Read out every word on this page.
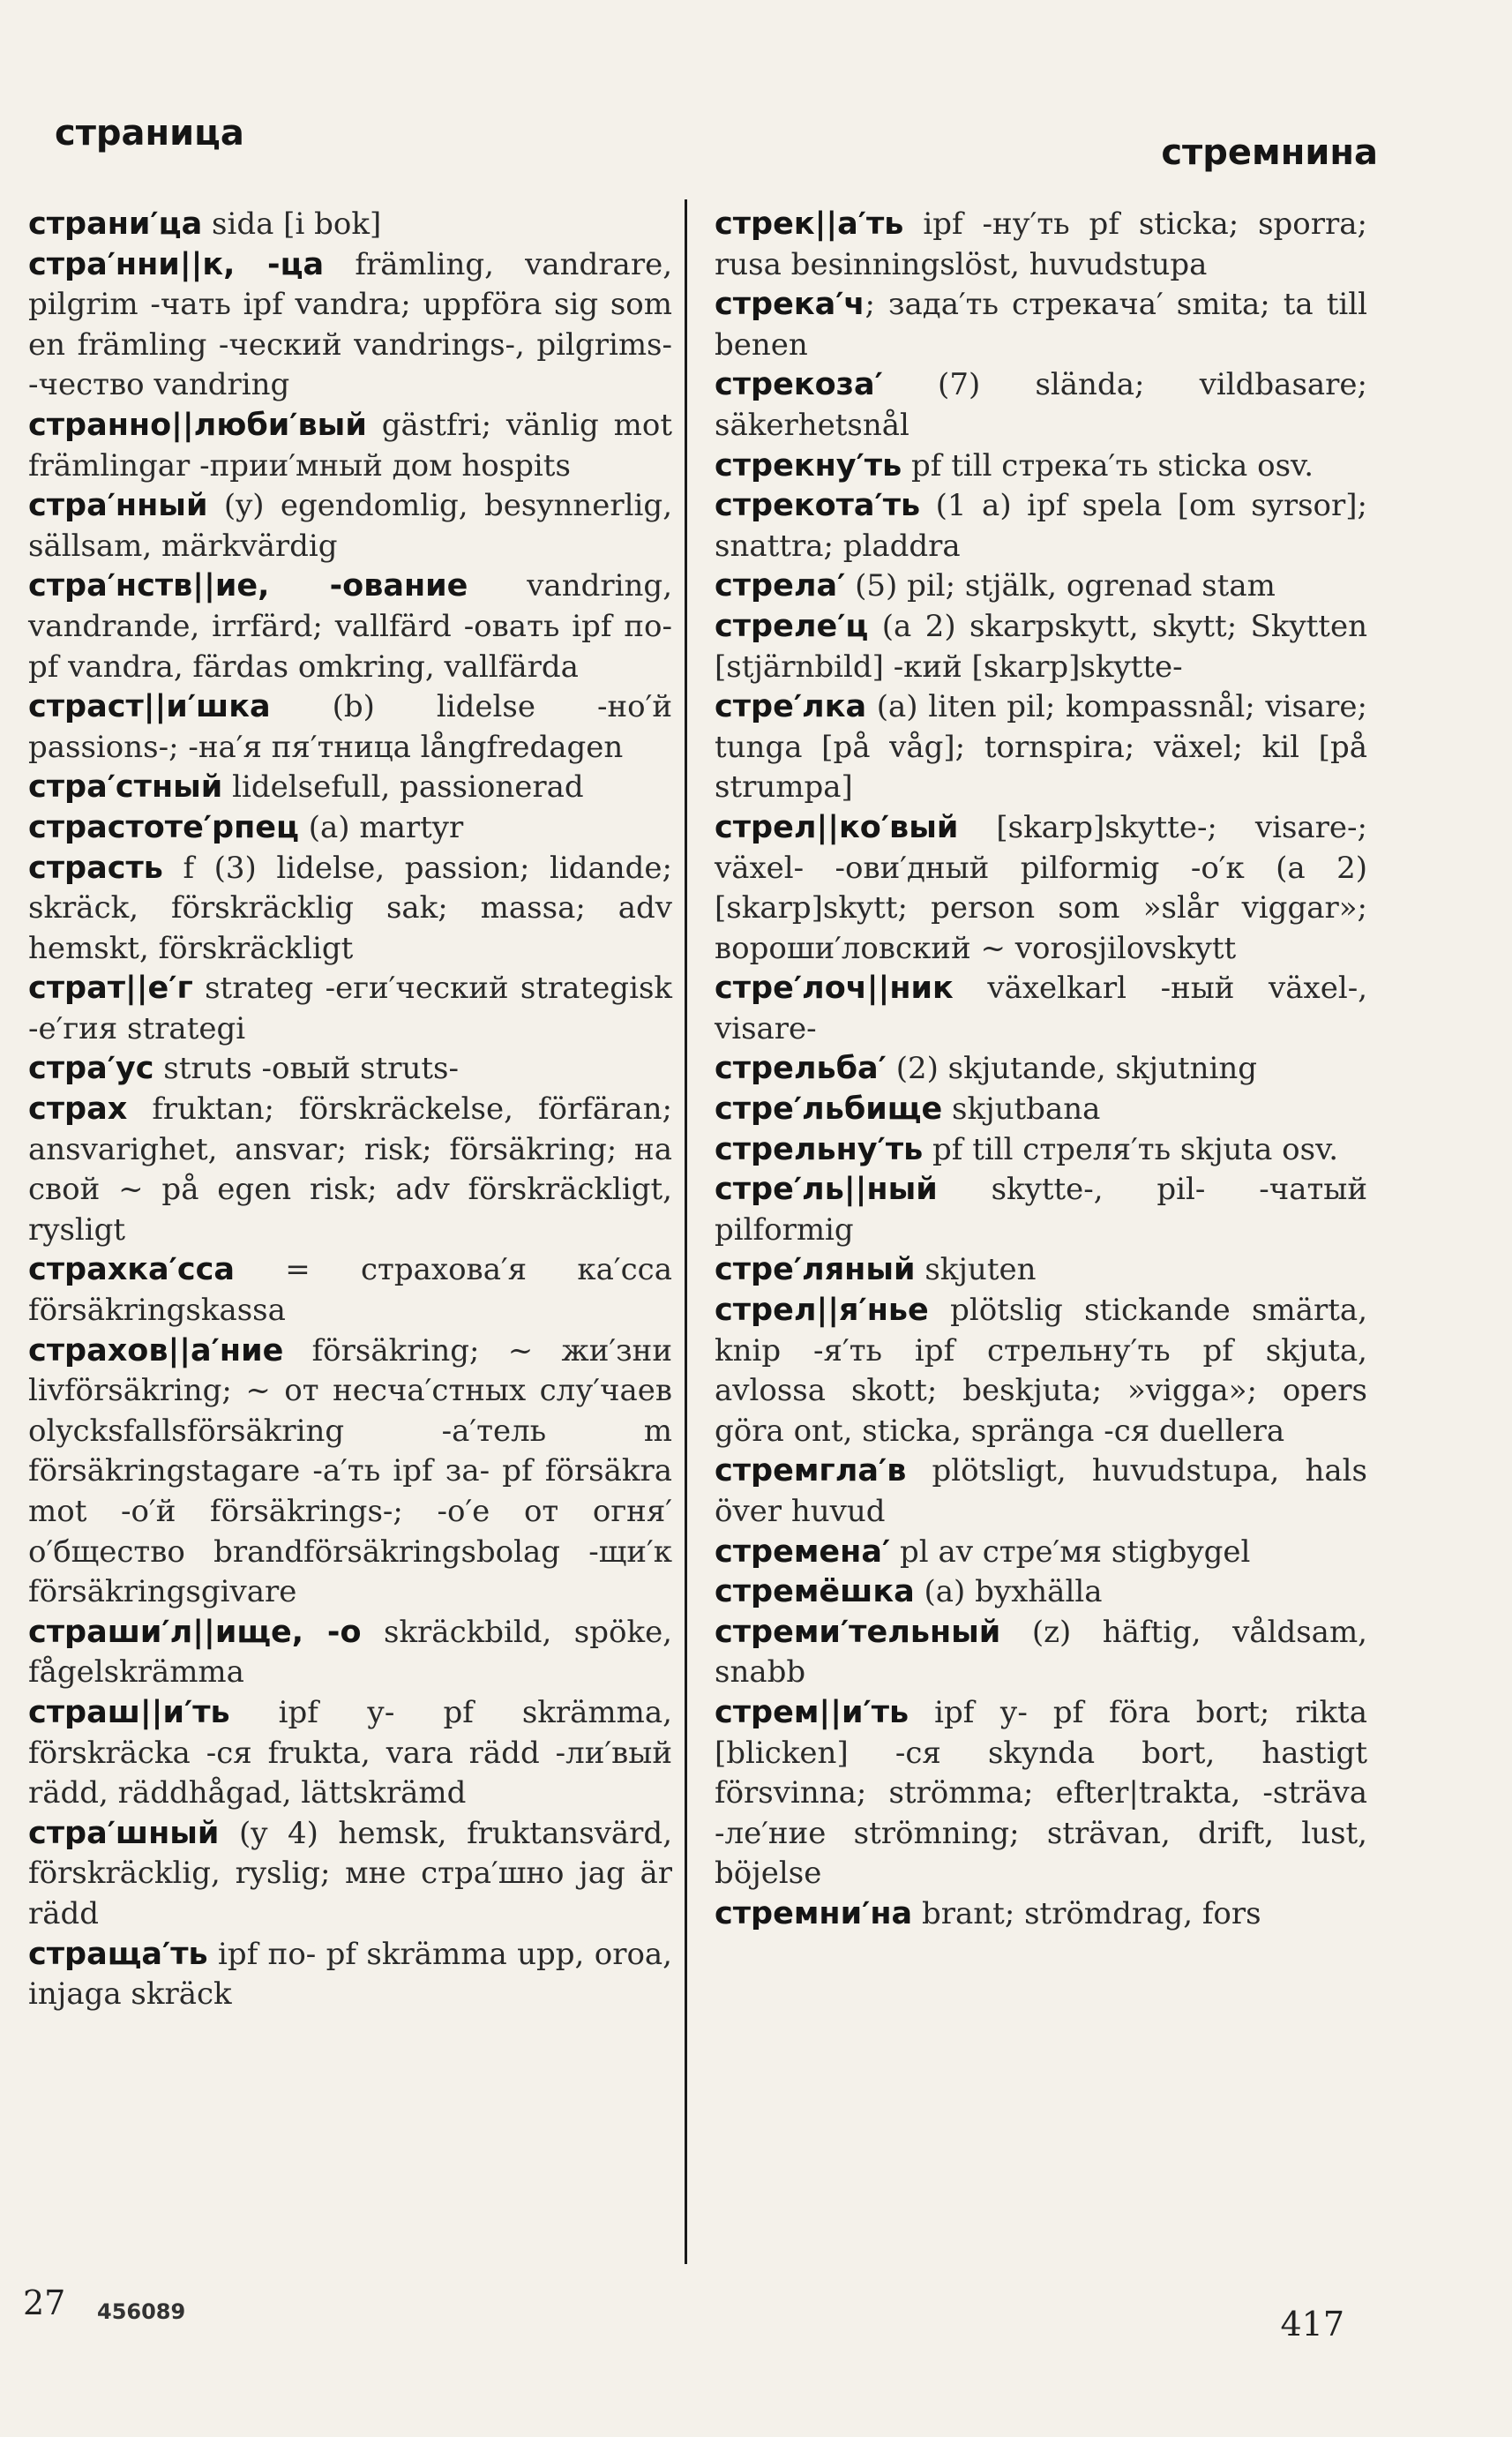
страница	стремнина
страни′ца sida [i bok]
стра′нни||к, -ца främling, vandrare, pilgrim -чать ipf vandra; uppföra sig som en främling -ческий vandrings-, pilgrims- -чество vandring
странно||люби′вый gästfri; vänlig mot främlingar -прии′мный дом hospits
стра′нный (y) egendomlig, besynnerlig, sällsam, märkvärdig
стра′нств||ие, -ование vandring, vandrande, irrfärd; vallfärd -овать ipf по- pf vandra, färdas omkring, vallfärda
страст||и′шка (b) lidelse -но′й passions-; -на′я пя′тница långfredagen
стра′стный lidelsefull, passionerad
страстоте′рпец (a) martyr
страсть f (3) lidelse, passion; lidande; skräck, förskräcklig sak; massa; adv hemskt, förskräckligt
страт||е′г strateg -еги′ческий strategisk -е′гия strategi
стра′ус struts -овый struts-
страх fruktan; förskräckelse, förfäran; ansvarighet, ansvar; risk; försäkring; на свой ~ på egen risk; adv förskräckligt, rysligt
страхка′сса = страхова′я ка′сса försäkringskassa
страхов||а′ние försäkring; ~ жи′зни livförsäkring; ~ от несча′стных слу′чаев olycksfallsförsäkring -а′тель m försäkringstagare -а′ть ipf за- pf försäkra mot -о′й försäkrings-; -о′е от огня′ о′бщество brandförsäkringsbolag -щи′к försäkringsgivare
страши′л||ище, -о skräckbild, spöke, fågelskrämma
страш||и′ть ipf у- pf skrämma, förskräcka -ся frukta, vara rädd -ли′вый rädd, räddhågad, lättskrämd
стра′шный (y 4) hemsk, fruktansvärd, förskräcklig, ryslig; мне стра′шно jag är rädd
страща′ть ipf по- pf skrämma upp, oroa, injaga skräck
стрек||а′ть ipf -ну′ть pf sticka; sporra; rusa besinningslöst, huvudstupa
стрека′ч; зада′ть стрекача′ smita; ta till benen
стрекоза′ (7) slända; vildbasare; säkerhetsnål
стрекну′ть pf till стрека′ть sticka osv.
стрекота′ть (1 a) ipf spela [om syrsor]; snattra; pladdra
стрела′ (5) pil; stjälk, ogrenad stam
стреле′ц (a 2) skarpskytt, skytt; Skytten [stjärnbild] -кий [skarp]skytte-
стре′лка (a) liten pil; kompassnål; visare; tunga [på våg]; tornspira; växel; kil [på strumpa]
стрел||ко′вый [skarp]skytte-; visare-; växel- -ови′дный pilformig -о′к (a 2) [skarp]skytt; person som »slår viggar»; вороши′ловский ~ vorosjilovskytt
стре′лоч||ник växelkarl -ный växel-, visare-
стрельба′ (2) skjutande, skjutning
стре′льбище skjutbana
стрельну′ть pf till стреля′ть skjuta osv.
стре′ль||ный skytte-, pil- -чатый pilformig
стре′ляный skjuten
стрел||я′нье plötslig stickande smärta, knip -я′ть ipf стрельну′ть pf skjuta, avlossa skott; beskjuta; »vigga»; opers göra ont, sticka, spränga -ся duellera
стремгла′в plötsligt, huvudstupa, hals över huvud
стремена′ pl av стре′мя stigbygel
стремёшка (a) byxhälla
стреми′тельный (z) häftig, våldsam, snabb
стрем||и′ть ipf у- pf föra bort; rikta [blicken] -ся skynda bort, hastigt försvinna; strömma; efter|trakta, -sträva -ле′ние strömning; strävan, drift, lust, böjelse
стремни′на brant; strömdrag, fors
27 456089	417
